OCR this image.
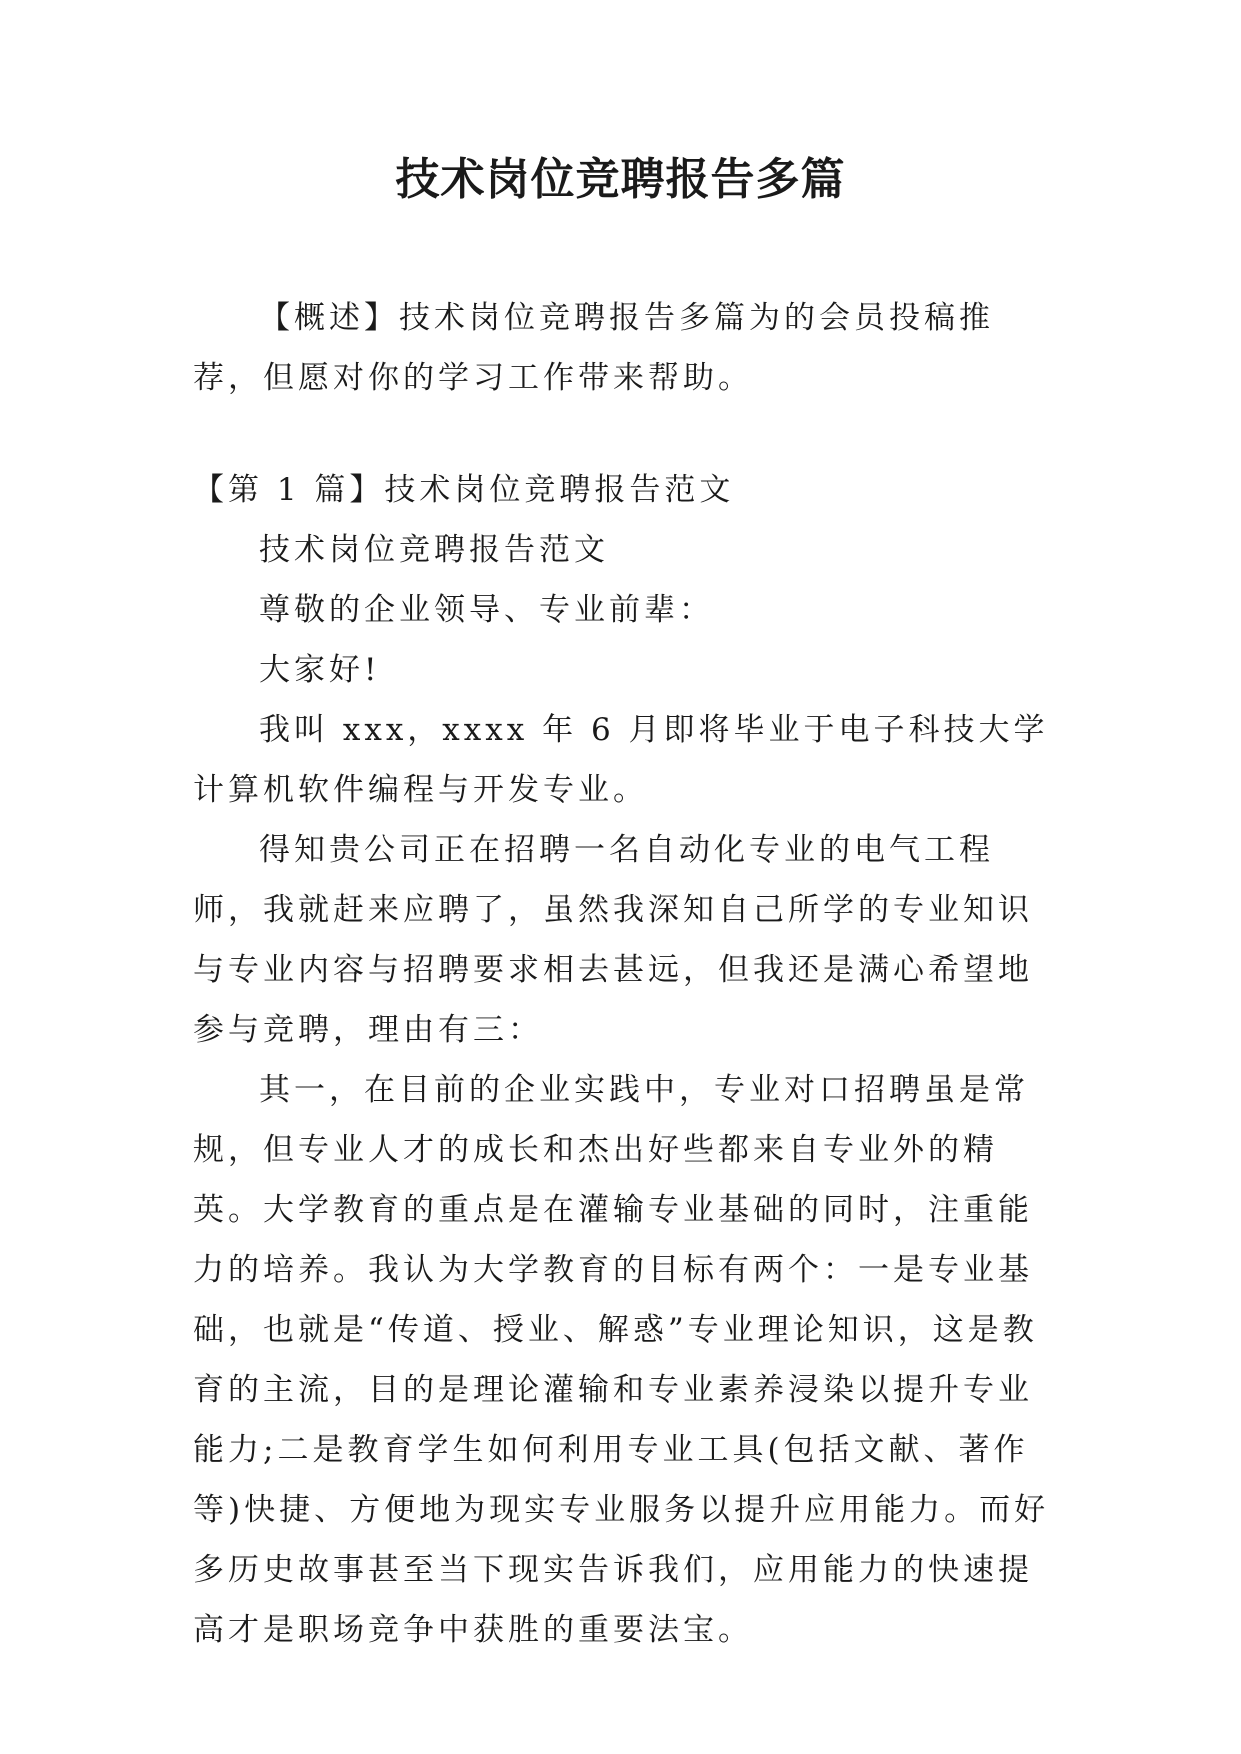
技术岗位竞聘报告多篇

【概述】技术岗位竞聘报告多篇为的会员投稿推荐，但愿对你的学习工作带来帮助。

【第 1 篇】技术岗位竞聘报告范文

技术岗位竞聘报告范文

尊敬的企业领导、专业前辈：

大家好!

我叫 xxx，xxxx 年 6 月即将毕业于电子科技大学计算机软件编程与开发专业。

得知贵公司正在招聘一名自动化专业的电气工程师，我就赶来应聘了，虽然我深知自己所学的专业知识与专业内容与招聘要求相去甚远，但我还是满心希望地参与竞聘，理由有三：

其一，在目前的企业实践中，专业对口招聘虽是常规，但专业人才的成长和杰出好些都来自专业外的精英。大学教育的重点是在灌输专业基础的同时，注重能力的培养。我认为大学教育的目标有两个：一是专业基础，也就是“传道、授业、解惑”专业理论知识，这是教育的主流，目的是理论灌输和专业素养浸染以提升专业能力;二是教育学生如何利用专业工具(包括文献、著作等)快捷、方便地为现实专业服务以提升应用能力。而好多历史故事甚至当下现实告诉我们，应用能力的快速提高才是职场竞争中获胜的重要法宝。
